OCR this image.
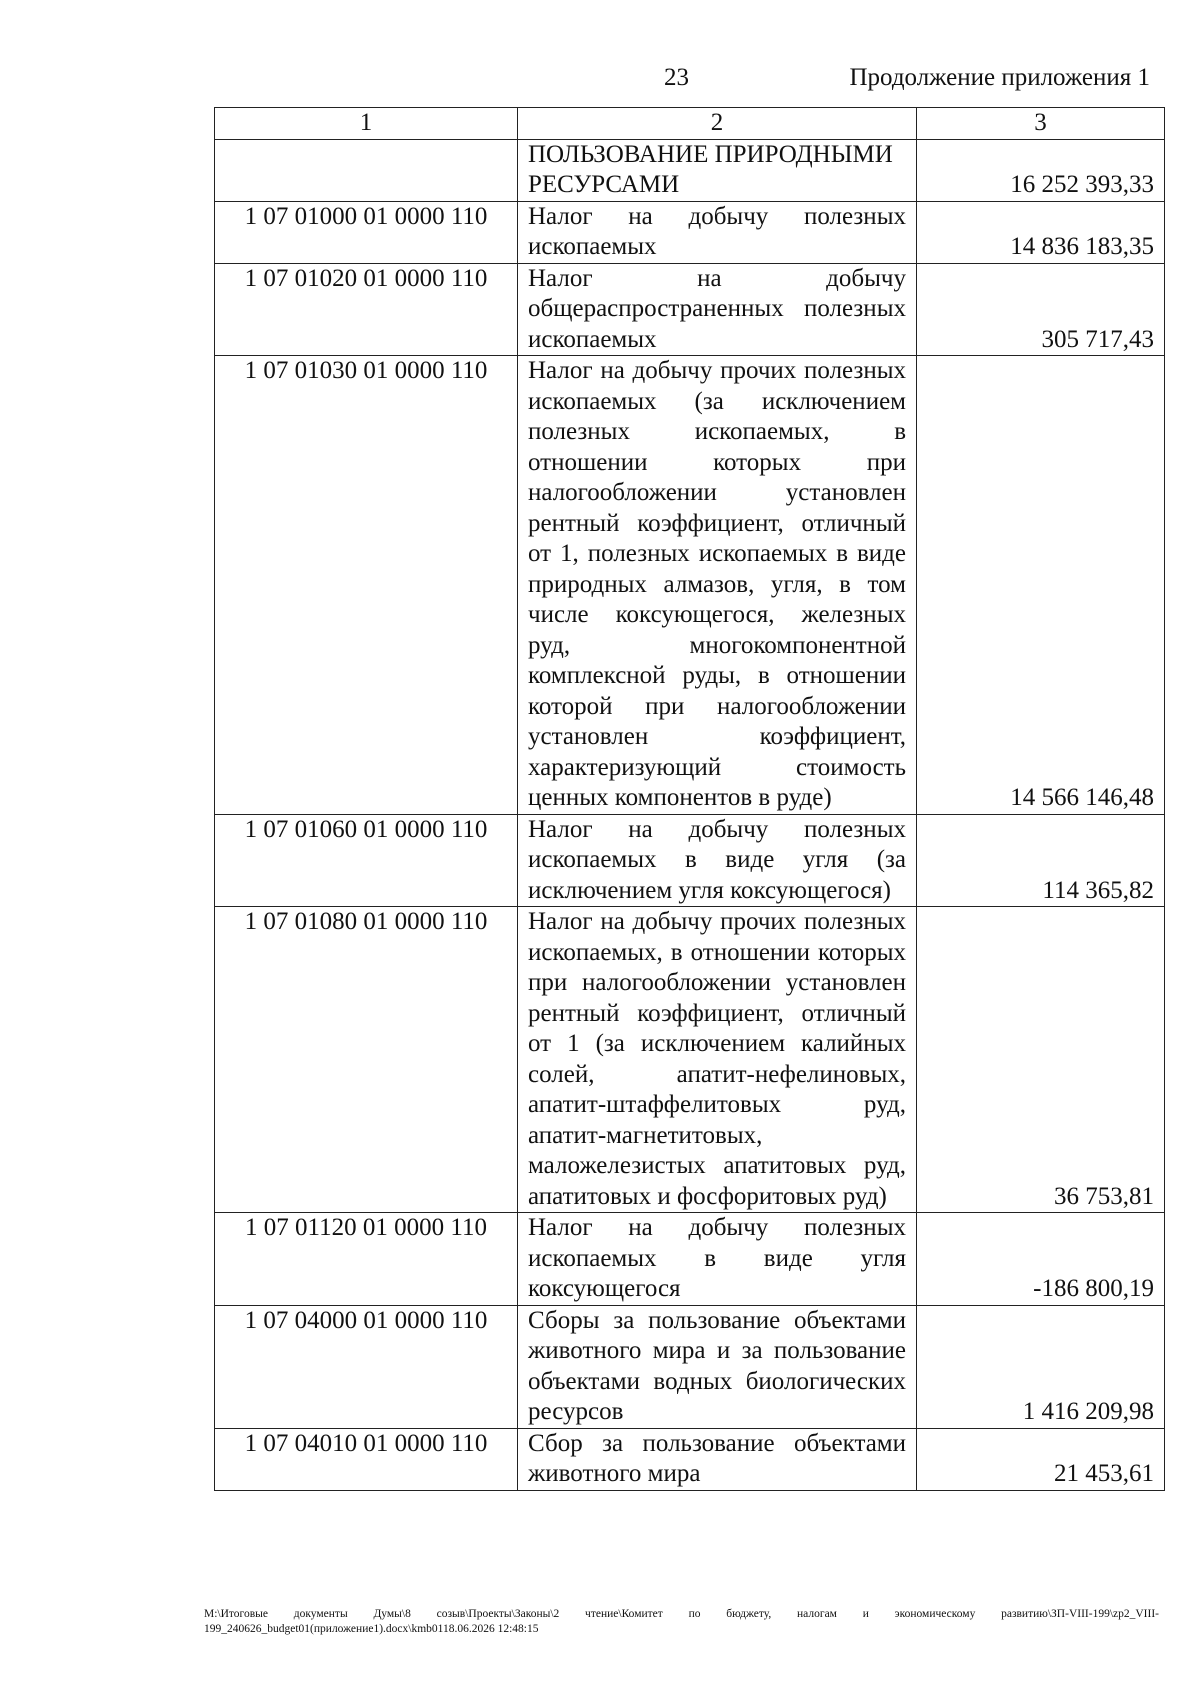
23	Продолжение приложения 1
1	2	3
	ПОЛЬЗОВАНИЕ ПРИРОДНЫМИ РЕСУРСАМИ	16 252 393,33
1 07 01000 01 0000 110	Налог на добычу полезных ископаемых	14 836 183,35
1 07 01020 01 0000 110	Налог на добычу общераспространенных полезных ископаемых	305 717,43
1 07 01030 01 0000 110	Налог на добычу прочих полезных ископаемых (за исключением полезных ископаемых, в отношении которых при налогообложении установлен рентный коэффициент, отличный от 1, полезных ископаемых в виде природных алмазов, угля, в том числе коксующегося, железных руд, многокомпонентной комплексной руды, в отношении которой при налогообложении установлен коэффициент, характеризующий стоимость ценных компонентов в руде)	14 566 146,48
1 07 01060 01 0000 110	Налог на добычу полезных ископаемых в виде угля (за исключением угля коксующегося)	114 365,82
1 07 01080 01 0000 110	Налог на добычу прочих полезных ископаемых, в отношении которых при налогообложении установлен рентный коэффициент, отличный от 1 (за исключением калийных солей, апатит-нефелиновых, апатит-штаффелитовых руд, апатит-магнетитовых, маложелезистых апатитовых руд, апатитовых и фосфоритовых руд)	36 753,81
1 07 01120 01 0000 110	Налог на добычу полезных ископаемых в виде угля коксующегося	-186 800,19
1 07 04000 01 0000 110	Сборы за пользование объектами животного мира и за пользование объектами водных биологических ресурсов	1 416 209,98
1 07 04010 01 0000 110	Сбор за пользование объектами животного мира	21 453,61
M:\Итоговые документы Думы\8 созыв\Проекты\Законы\2 чтение\Комитет по бюджету, налогам и экономическому развитию\ЗП-VIII-199\zp2_VIII-199_240626_budget01(приложение1).docx\kmb0118.06.2026 12:48:15
